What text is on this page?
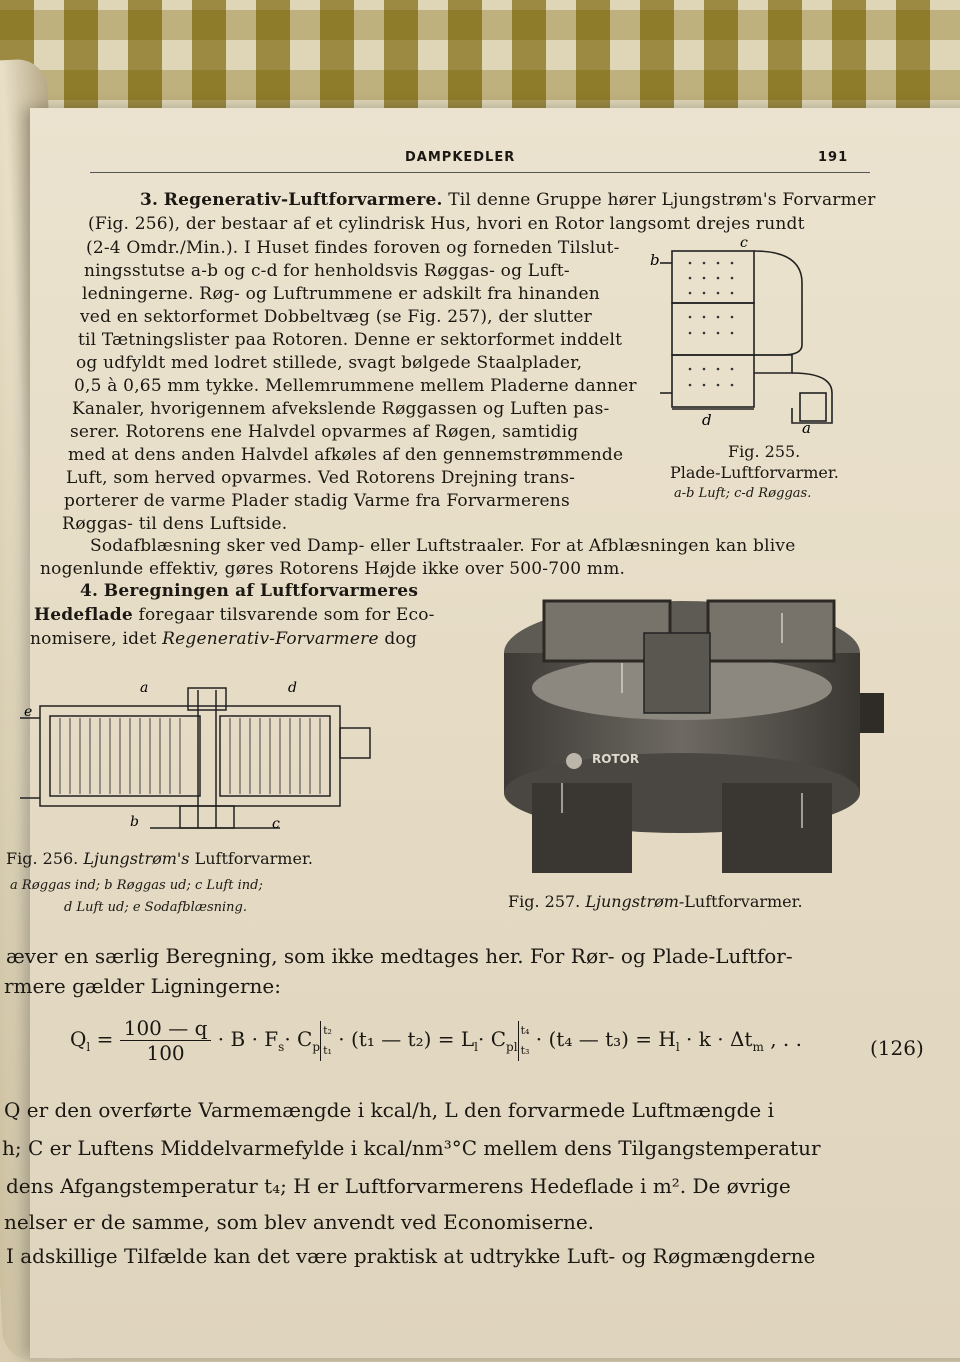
DAMPKEDLER	191
3. Regenerativ-Luftforvarmere. Til denne Gruppe hører Ljungstrøm's Forvarmer
(Fig. 256), der bestaar af et cylindrisk Hus, hvori en Rotor langsomt drejes rundt
(2-4 Omdr./Min.). I Huset findes foroven og forneden Tilslut-
ningsstutse a-b og c-d for henholdsvis Røggas- og Luft-
ledningerne. Røg- og Luftrummene er adskilt fra hinanden
ved en sektorformet Dobbeltvæg (se Fig. 257), der slutter
til Tætningslister paa Rotoren. Denne er sektorformet inddelt
og udfyldt med lodret stillede, svagt bølgede Staalplader,
0,5 à 0,65 mm tykke. Mellemrummene mellem Pladerne danner
Kanaler, hvorigennem afvekslende Røggassen og Luften pas-
serer. Rotorens ene Halvdel opvarmes af Røgen, samtidig
med at dens anden Halvdel afkøles af den gennemstrømmende
Luft, som herved opvarmes. Ved Rotorens Drejning trans-
porterer de varme Plader stadig Varme fra Forvarmerens
Røggas- til dens Luftside.
Sodafblæsning sker ved Damp- eller Luftstraaler. For at Afblæsningen kan blive
nogenlunde effektiv, gøres Rotorens Højde ikke over 500-700 mm.
b
c
d	a
Fig. 255.
Plade-Luftforvarmer.
a-b Luft; c-d Røggas.
4. Beregningen af Luftforvarmeres
Hedeflade foregaar tilsvarende som for Eco-
nomisere, idet Regenerativ-Forvarmere dog
a	d
e
b	c
Fig. 256. Ljungstrøm's Luftforvarmer.
a Røggas ind; b Røggas ud; c Luft ind;
d Luft ud; e Sodafblæsning.
ROTOR
Fig. 257. Ljungstrøm-Luftforvarmer.
æver en særlig Beregning, som ikke medtages her. For Rør- og Plade-Luftfor-
rmere gælder Ligningerne:
$Q_l = \frac{100 — q}{100} \cdot B \cdot F_s\cdot C_pt_2$
t₁ · (t₁ — $t_2) = L_l\cdot C_{pl}t_4$
t₃ · (t₄ — $t_3) = H_l \cdot k \cdot \Delta t_m$ , . .	(126)
Q er den overførte Varmemængde i kcal/h, L den forvarmede Luftmængde i
h; C er Luftens Middelvarmefylde i kcal/nm³°C mellem dens Tilgangstemperatur
dens Afgangstemperatur t₄; H er Luftforvarmerens Hedeflade i m². De øvrige
nelser er de samme, som blev anvendt ved Economiserne.
I adskillige Tilfælde kan det være praktisk at udtrykke Luft- og Røgmængderne
